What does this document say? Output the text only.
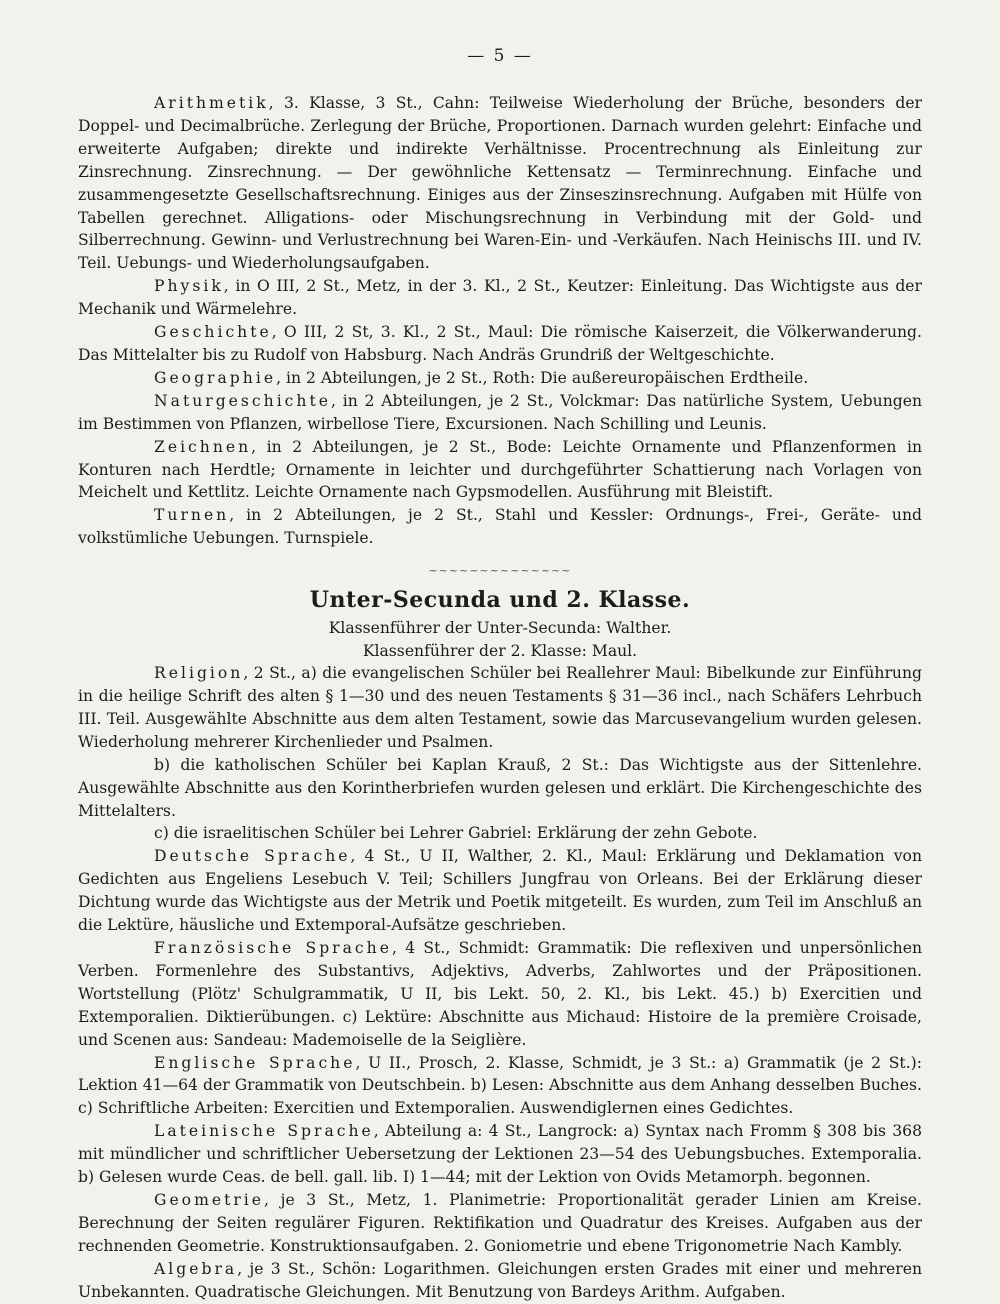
— 5 —

Arithmetik, 3. Klasse, 3 St., Cahn: Teilweise Wiederholung der Brüche, besonders der Doppel- und Decimalbrüche. Zerlegung der Brüche, Proportionen. Darnach wurden gelehrt: Einfache und erweiterte Aufgaben; direkte und indirekte Verhältnisse. Procentrechnung als Einleitung zur Zinsrechnung. Zinsrechnung. — Der gewöhnliche Kettensatz — Terminrechnung. Einfache und zusammengesetzte Gesellschaftsrechnung. Einiges aus der Zinseszinsrechnung. Aufgaben mit Hülfe von Tabellen gerechnet. Alligations- oder Mischungsrechnung in Verbindung mit der Gold- und Silberrechnung. Gewinn- und Verlustrechnung bei Waren-Ein- und -Verkäufen. Nach Heinischs III. und IV. Teil. Uebungs- und Wiederholungsaufgaben.

Physik, in O III, 2 St., Metz, in der 3. Kl., 2 St., Keutzer: Einleitung. Das Wichtigste aus der Mechanik und Wärmelehre.

Geschichte, O III, 2 St, 3. Kl., 2 St., Maul: Die römische Kaiserzeit, die Völkerwanderung. Das Mittelalter bis zu Rudolf von Habsburg. Nach Andräs Grundriß der Weltgeschichte.

Geographie, in 2 Abteilungen, je 2 St., Roth: Die außereuropäischen Erdtheile.

Naturgeschichte, in 2 Abteilungen, je 2 St., Volckmar: Das natürliche System, Uebungen im Bestimmen von Pflanzen, wirbellose Tiere, Excursionen. Nach Schilling und Leunis.

Zeichnen, in 2 Abteilungen, je 2 St., Bode: Leichte Ornamente und Pflanzenformen in Konturen nach Herdtle; Ornamente in leichter und durchgeführter Schattierung nach Vorlagen von Meichelt und Kettlitz. Leichte Ornamente nach Gypsmodellen. Ausführung mit Bleistift.

Turnen, in 2 Abteilungen, je 2 St., Stahl und Kessler: Ordnungs-, Frei-, Geräte- und volkstümliche Uebungen. Turnspiele.

~~~~~~~~~~~~~~
Unter-Secunda und 2. Klasse.

Klassenführer der Unter-Secunda: Walther.

Klassenführer der 2. Klasse: Maul.

Religion, 2 St., a) die evangelischen Schüler bei Reallehrer Maul: Bibelkunde zur Einführung in die heilige Schrift des alten § 1—30 und des neuen Testaments § 31—36 incl., nach Schäfers Lehrbuch III. Teil. Ausgewählte Abschnitte aus dem alten Testament, sowie das Marcusevangelium wurden gelesen. Wiederholung mehrerer Kirchenlieder und Psalmen.

b) die katholischen Schüler bei Kaplan Krauß, 2 St.: Das Wichtigste aus der Sittenlehre. Ausgewählte Abschnitte aus den Korintherbriefen wurden gelesen und erklärt. Die Kirchengeschichte des Mittelalters.

c) die israelitischen Schüler bei Lehrer Gabriel: Erklärung der zehn Gebote.

Deutsche Sprache, 4 St., U II, Walther, 2. Kl., Maul: Erklärung und Deklamation von Gedichten aus Engeliens Lesebuch V. Teil; Schillers Jungfrau von Orleans. Bei der Erklärung dieser Dichtung wurde das Wichtigste aus der Metrik und Poetik mitgeteilt. Es wurden, zum Teil im Anschluß an die Lektüre, häusliche und Extemporal-Aufsätze geschrieben.

Französische Sprache, 4 St., Schmidt: Grammatik: Die reflexiven und unpersönlichen Verben. Formenlehre des Substantivs, Adjektivs, Adverbs, Zahlwortes und der Präpositionen. Wortstellung (Plötz' Schulgrammatik, U II, bis Lekt. 50, 2. Kl., bis Lekt. 45.) b) Exercitien und Extemporalien. Diktierübungen. c) Lektüre: Abschnitte aus Michaud: Histoire de la première Croisade, und Scenen aus: Sandeau: Mademoiselle de la Seiglière.

Englische Sprache, U II., Prosch, 2. Klasse, Schmidt, je 3 St.: a) Grammatik (je 2 St.): Lektion 41—64 der Grammatik von Deutschbein. b) Lesen: Abschnitte aus dem Anhang desselben Buches. c) Schriftliche Arbeiten: Exercitien und Extemporalien. Auswendiglernen eines Gedichtes.

Lateinische Sprache, Abteilung a: 4 St., Langrock: a) Syntax nach Fromm § 308 bis 368 mit mündlicher und schriftlicher Uebersetzung der Lektionen 23—54 des Uebungsbuches. Extemporalia. b) Gelesen wurde Ceas. de bell. gall. lib. I) 1—44; mit der Lektion von Ovids Metamorph. begonnen.

Geometrie, je 3 St., Metz, 1. Planimetrie: Proportionalität gerader Linien am Kreise. Berechnung der Seiten regulärer Figuren. Rektifikation und Quadratur des Kreises. Aufgaben aus der rechnenden Geometrie. Konstruktionsaufgaben. 2. Goniometrie und ebene Trigonometrie Nach Kambly.

Algebra, je 3 St., Schön: Logarithmen. Gleichungen ersten Grades mit einer und mehreren Unbekannten. Quadratische Gleichungen. Mit Benutzung von Bardeys Arithm. Aufgaben.
